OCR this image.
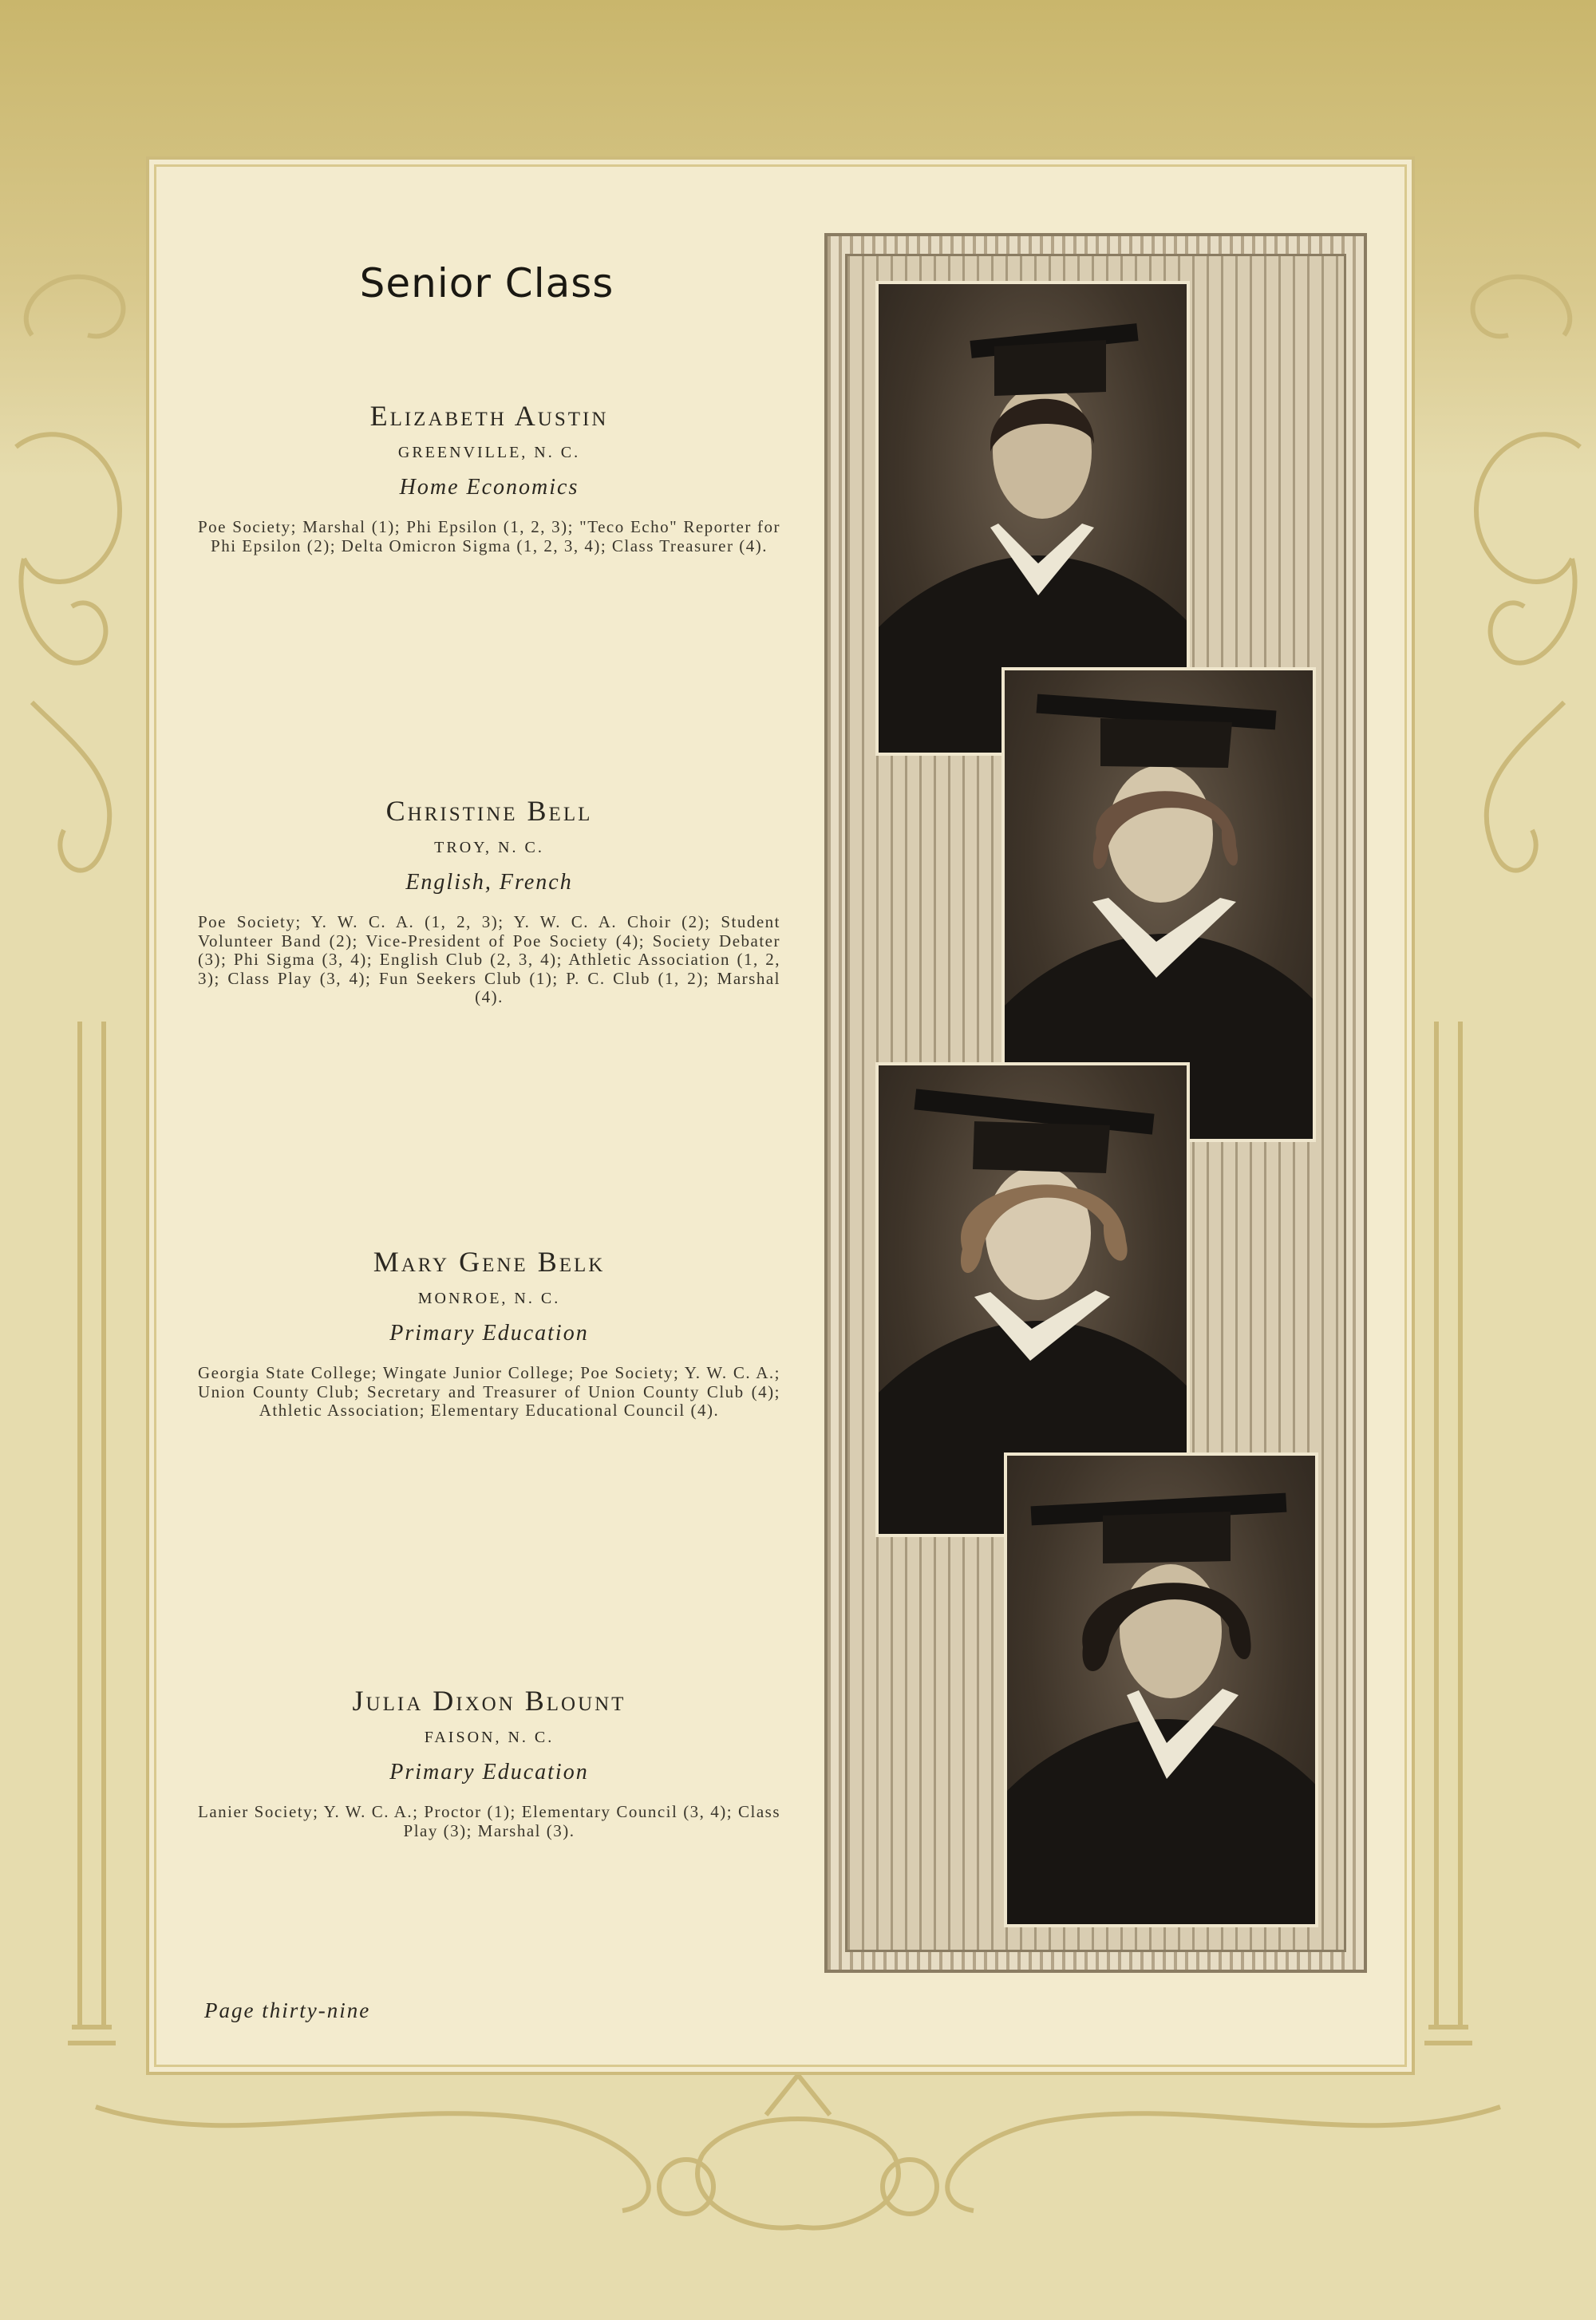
Senior Class
Elizabeth Austin
GREENVILLE, N. C.
Home Economics
Poe Society; Marshal (1); Phi Epsilon (1, 2, 3); "Teco Echo" Reporter for Phi Epsilon (2); Delta Omicron Sigma (1, 2, 3, 4); Class Treasurer (4).
Christine Bell
TROY, N. C.
English, French
Poe Society; Y. W. C. A. (1, 2, 3); Y. W. C. A. Choir (2); Student Volunteer Band (2); Vice-President of Poe Society (4); Society Debater (3); Phi Sigma (3, 4); English Club (2, 3, 4); Athletic Association (1, 2, 3); Class Play (3, 4); Fun Seekers Club (1); P. C. Club (1, 2); Marshal (4).
Mary Gene Belk
MONROE, N. C.
Primary Education
Georgia State College; Wingate Junior College; Poe Society; Y. W. C. A.; Union County Club; Secretary and Treasurer of Union County Club (4); Athletic Association; Elementary Educational Council (4).
Julia Dixon Blount
FAISON, N. C.
Primary Education
Lanier Society; Y. W. C. A.; Proctor (1); Elementary Council (3, 4); Class Play (3); Marshal (3).
Page thirty-nine
